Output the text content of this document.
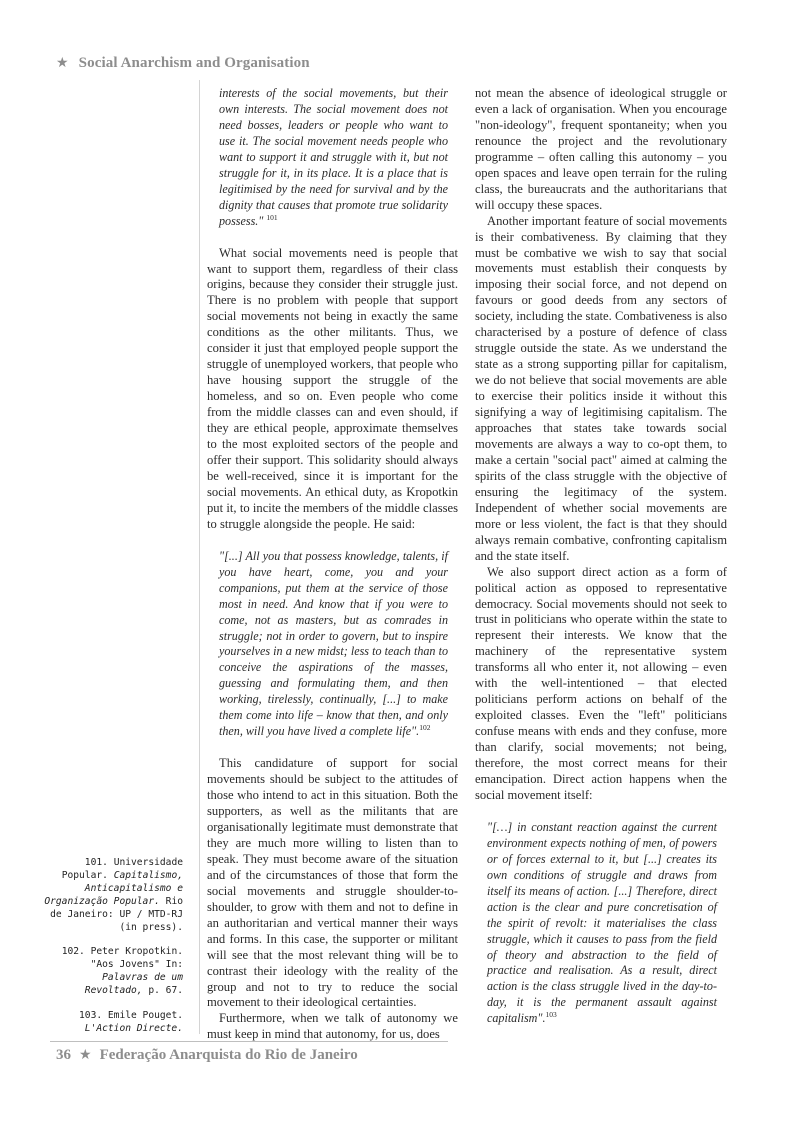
★ Social Anarchism and Organisation

interests of the social movements, but their own interests. The social movement does not need bosses, leaders or people who want to use it. The social movement needs people who want to support it and struggle with it, but not struggle for it, in its place. It is a place that is legitimised by the need for survival and by the dignity that causes that promote true solidarity possess." $^{101}$

What social movements need is people that want to support them, regardless of their class origins, because they consider their struggle just. There is no problem with people that support social movements not being in exactly the same conditions as the other militants. Thus, we consider it just that employed people support the struggle of unemployed workers, that people who have housing support the struggle of the homeless, and so on. Even people who come from the middle classes can and even should, if they are ethical people, approximate themselves to the most exploited sectors of the people and offer their support. This solidarity should always be well-received, since it is important for the social movements. An ethical duty, as Kropotkin put it, to incite the members of the middle classes to struggle alongside the people. He said:

"[...] All you that possess knowledge, talents, if you have heart, come, you and your companions, put them at the service of those most in need. And know that if you were to come, not as masters, but as comrades in struggle; not in order to govern, but to inspire yourselves in a new midst; less to teach than to conceive the aspirations of the masses, guessing and formulating them, and then working, tirelessly, continually, [...] to make them come into life – know that then, and only then, will you have lived a complete life".$^{102}$

This candidature of support for social movements should be subject to the attitudes of those who intend to act in this situation. Both the supporters, as well as the militants that are organisationally legitimate must demonstrate that they are much more willing to listen than to speak. They must become aware of the situation and of the circumstances of those that form the social movements and struggle shoulder-to-shoulder, to grow with them and not to define in an authoritarian and vertical manner their ways and forms. In this case, the supporter or militant will see that the most relevant thing will be to contrast their ideology with the reality of the group and not to try to reduce the social movement to their ideological certainties.

Furthermore, when we talk of autonomy we must keep in mind that autonomy, for us, does

not mean the absence of ideological struggle or even a lack of organisation. When you encourage "non-ideology", frequent spontaneity; when you renounce the project and the revolutionary programme – often calling this autonomy – you open spaces and leave open terrain for the ruling class, the bureaucrats and the authoritarians that will occupy these spaces.

Another important feature of social movements is their combativeness. By claiming that they must be combative we wish to say that social movements must establish their conquests by imposing their social force, and not depend on favours or good deeds from any sectors of society, including the state. Combativeness is also characterised by a posture of defence of class struggle outside the state. As we understand the state as a strong supporting pillar for capitalism, we do not believe that social movements are able to exercise their politics inside it without this signifying a way of legitimising capitalism. The approaches that states take towards social movements are always a way to co-opt them, to make a certain "social pact" aimed at calming the spirits of the class struggle with the objective of ensuring the legitimacy of the system. Independent of whether social movements are more or less violent, the fact is that they should always remain combative, confronting capitalism and the state itself.

We also support direct action as a form of political action as opposed to representative democracy. Social movements should not seek to trust in politicians who operate within the state to represent their interests. We know that the machinery of the representative system transforms all who enter it, not allowing – even with the well-intentioned – that elected politicians perform actions on behalf of the exploited classes. Even the "left" politicians confuse means with ends and they confuse, more than clarify, social movements; not being, therefore, the most correct means for their emancipation. Direct action happens when the social movement itself:

"[…] in constant reaction against the current environment expects nothing of men, of powers or of forces external to it, but [...] creates its own conditions of struggle and draws from itself its means of action. [...] Therefore, direct action is the clear and pure concretisation of the spirit of revolt: it materialises the class struggle, which it causes to pass from the field of theory and abstraction to the field of practice and realisation. As a result, direct action is the class struggle lived in the day-to-day, it is the permanent assault against capitalism".$^{103}$

101. Universidade Popular. Capitalismo, Anticapitalismo e Organização Popular. Rio de Janeiro: UP / MTD-RJ (in press).
102. Peter Kropotkin. "Aos Jovens" In: Palavras de um Revoltado, p. 67.
103. Emile Pouget. L'Action Directe.
36 ★ Federação Anarquista do Rio de Janeiro
